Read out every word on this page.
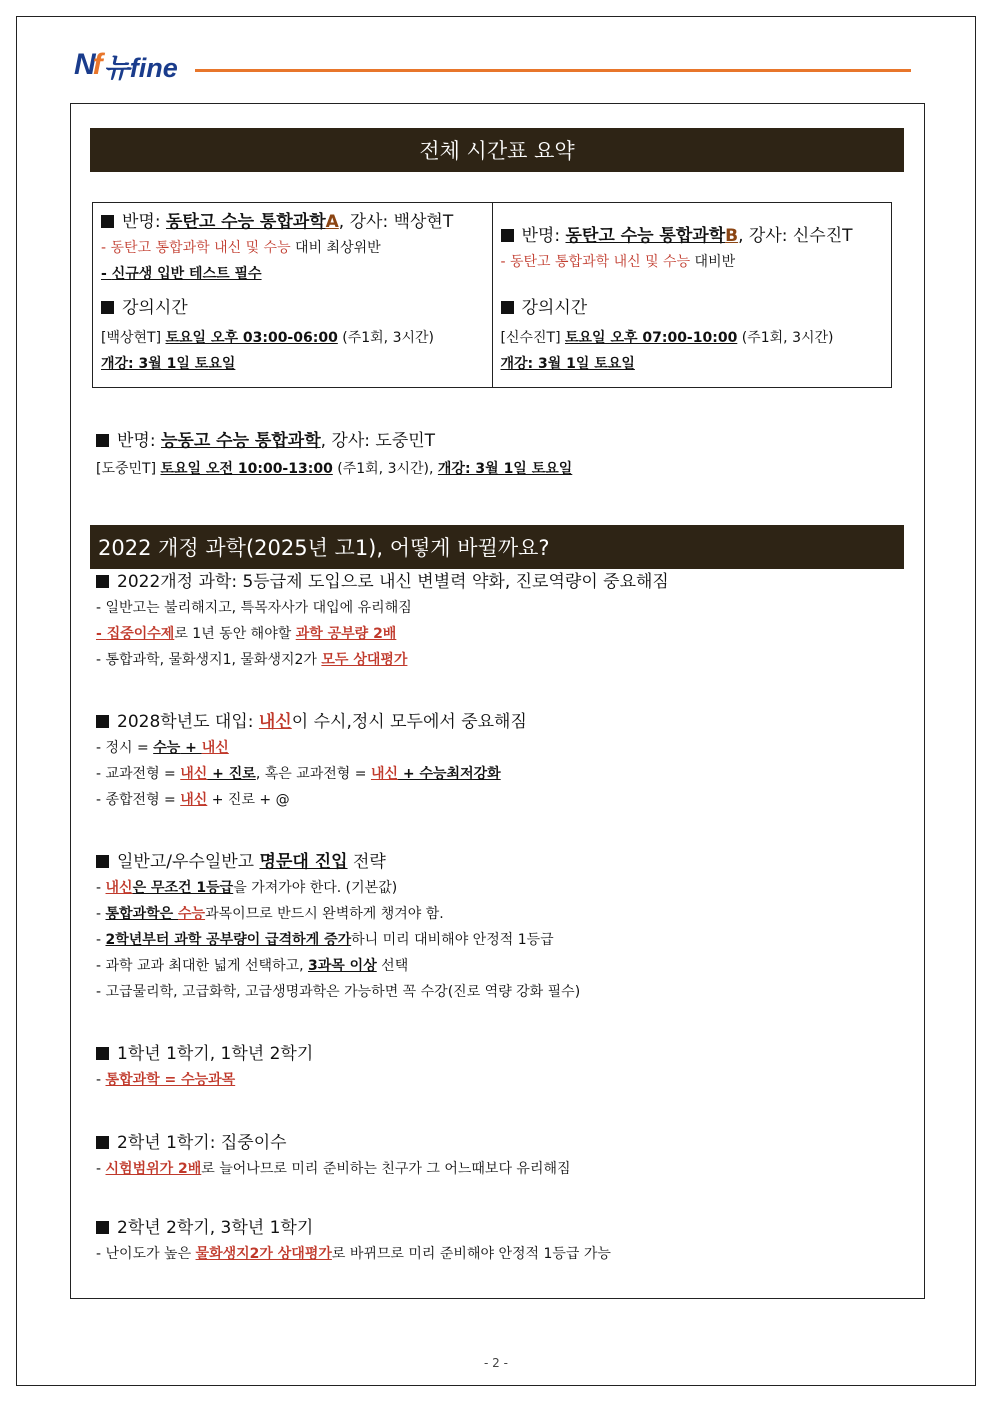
Nf 뉴fine
전체 시간표 요약
반명: 동탄고 수능 통합과학A, 강사: 백상현T
- 동탄고 통합과학 내신 및 수능 대비 최상위반
- 신규생 입반 테스트 필수
강의시간
[백상현T] 토요일 오후 03:00-06:00 (주1회, 3시간)
개강: 3월 1일 토요일
반명: 동탄고 수능 통합과학B, 강사: 신수진T
- 동탄고 통합과학 내신 및 수능 대비반
강의시간
[신수진T] 토요일 오후 07:00-10:00 (주1회, 3시간)
개강: 3월 1일 토요일
반명: 능동고 수능 통합과학, 강사: 도중민T
[도중민T] 토요일 오전 10:00-13:00 (주1회, 3시간), 개강: 3월 1일 토요일
2022 개정 과학(2025년 고1), 어떻게 바뀔까요?
2022개정 과학: 5등급제 도입으로 내신 변별력 약화, 진로역량이 중요해짐
- 일반고는 불리해지고, 특목자사가 대입에 유리해짐
- 집중이수제로 1년 동안 해야할 과학 공부량 2배
- 통합과학, 물화생지1, 물화생지2가 모두 상대평가
2028학년도 대입: 내신이 수시,정시 모두에서 중요해짐
- 정시 = 수능 + 내신
- 교과전형 = 내신 + 진로, 혹은 교과전형 = 내신 + 수능최저강화
- 종합전형 = 내신 + 진로 + @
일반고/우수일반고 명문대 진입 전략
- 내신은 무조건 1등급을 가져가야 한다. (기본값)
- 통합과학은 수능과목이므로 반드시 완벽하게 챙겨야 함.
- 2학년부터 과학 공부량이 급격하게 증가하니 미리 대비해야 안정적 1등급
- 과학 교과 최대한 넓게 선택하고, 3과목 이상 선택
- 고급물리학, 고급화학, 고급생명과학은 가능하면 꼭 수강(진로 역량 강화 필수)
1학년 1학기, 1학년 2학기
- 통합과학 = 수능과목
2학년 1학기: 집중이수
- 시험범위가 2배로 늘어나므로 미리 준비하는 친구가 그 어느때보다 유리해짐
2학년 2학기, 3학년 1학기
- 난이도가 높은 물화생지2가 상대평가로 바뀌므로 미리 준비해야 안정적 1등급 가능
- 2 -
